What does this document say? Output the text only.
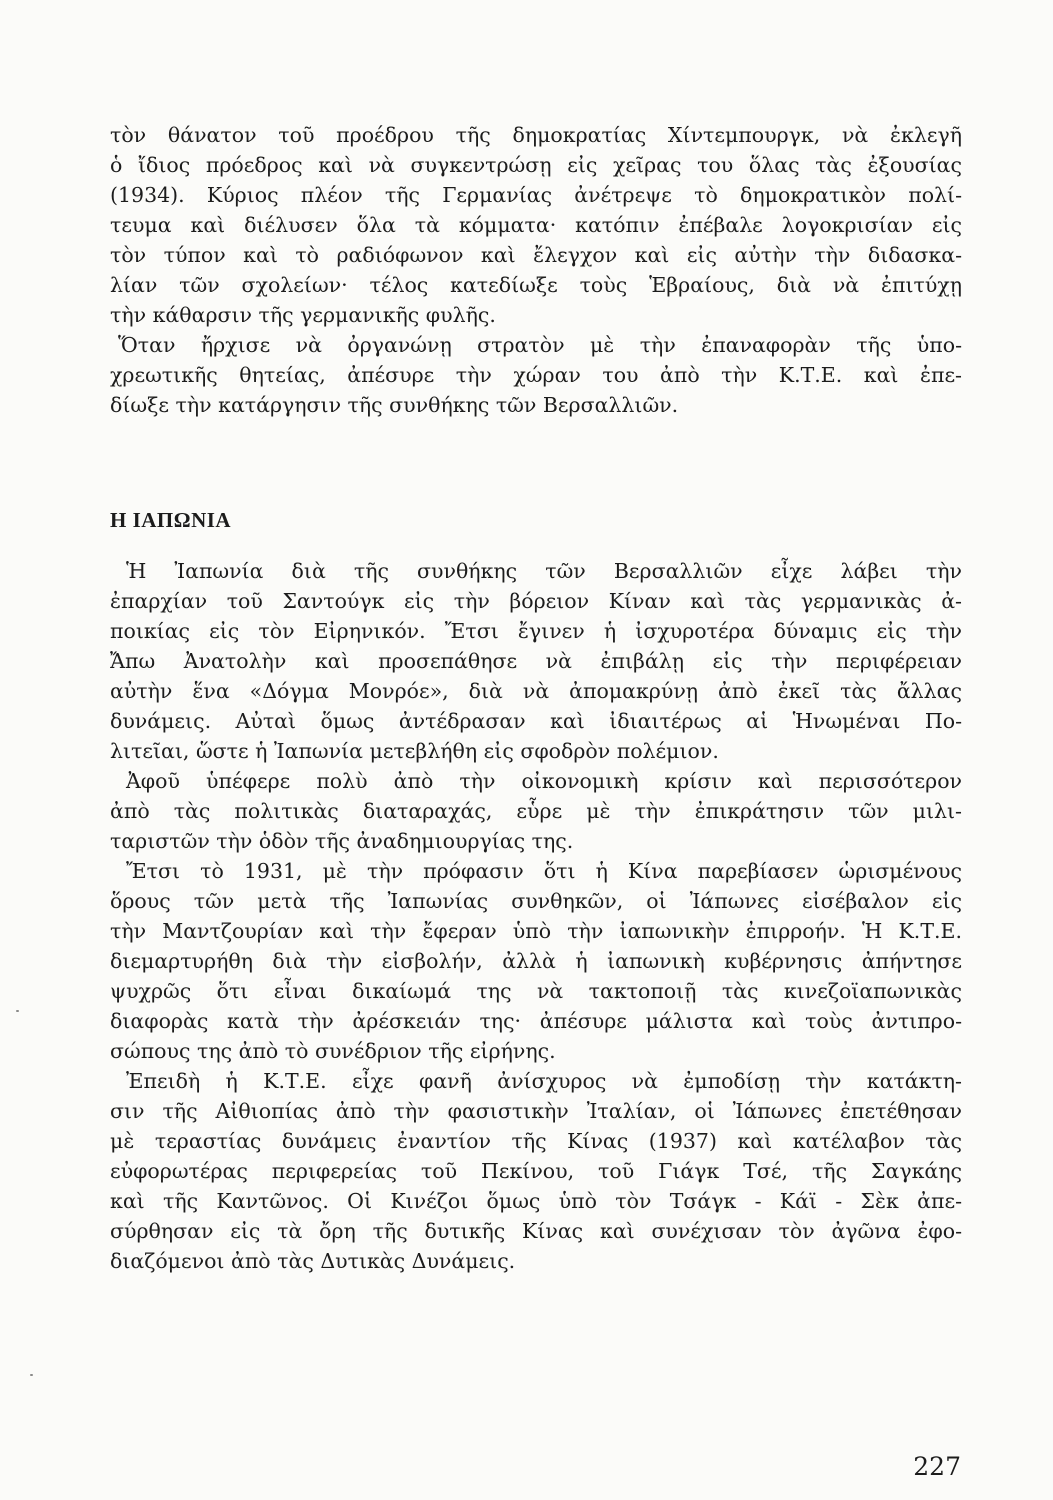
τὸν θάνατον τοῦ προέδρου τῆς δημοκρατίας Χίντεμπουργκ, νὰ ἐκλεγῆ
ὁ ἴδιος πρόεδρος καὶ νὰ συγκεντρώσῃ εἰς χεῖρας του ὅλας τὰς ἐξουσίας
(1934). Κύριος πλέον τῆς Γερμανίας ἀνέτρεψε τὸ δημοκρατικὸν πολί-
τευμα καὶ διέλυσεν ὅλα τὰ κόμματα· κατόπιν ἐπέβαλε λογοκρισίαν εἰς
τὸν τύπον καὶ τὸ ραδιόφωνον καὶ ἔλεγχον καὶ εἰς αὐτὴν τὴν διδασκα-
λίαν τῶν σχολείων· τέλος κατεδίωξε τοὺς Ἑβραίους, διὰ νὰ ἐπιτύχῃ
τὴν κάθαρσιν τῆς γερμανικῆς φυλῆς.
Ὅταν ἤρχισε νὰ ὀργανώνῃ στρατὸν μὲ τὴν ἐπαναφορὰν τῆς ὑπο-
χρεωτικῆς θητείας, ἀπέσυρε τὴν χώραν του ἀπὸ τὴν Κ.Τ.Ε. καὶ ἐπε-
δίωξε τὴν κατάργησιν τῆς συνθήκης τῶν Βερσαλλιῶν.
Η ΙΑΠΩΝΙΑ
Ἡ Ἰαπωνία διὰ τῆς συνθήκης τῶν Βερσαλλιῶν εἶχε λάβει τὴν
ἐπαρχίαν τοῦ Σαντούγκ εἰς τὴν βόρειον Κίναν καὶ τὰς γερμανικὰς ἀ-
ποικίας εἰς τὸν Εἰρηνικόν. Ἔτσι ἔγινεν ἡ ἰσχυροτέρα δύναμις εἰς τὴν
Ἄπω Ἀνατολὴν καὶ προσεπάθησε νὰ ἐπιβάλῃ εἰς τὴν περιφέρειαν
αὐτὴν ἕνα «Δόγμα Μονρόε», διὰ νὰ ἀπομακρύνῃ ἀπὸ ἐκεῖ τὰς ἄλλας
δυνάμεις. Αὐταὶ ὅμως ἀντέδρασαν καὶ ἰδιαιτέρως αἱ Ἡνωμέναι Πο-
λιτεῖαι, ὥστε ἡ Ἰαπωνία μετεβλήθη εἰς σφοδρὸν πολέμιον.
Ἀφοῦ ὑπέφερε πολὺ ἀπὸ τὴν οἰκονομικὴ κρίσιν καὶ περισσότερον
ἀπὸ τὰς πολιτικὰς διαταραχάς, εὗρε μὲ τὴν ἐπικράτησιν τῶν μιλι-
ταριστῶν τὴν ὁδὸν τῆς ἀναδημιουργίας της.
Ἔτσι τὸ 1931, μὲ τὴν πρόφασιν ὅτι ἡ Κίνα παρεβίασεν ὡρισμένους
ὅρους τῶν μετὰ τῆς Ἰαπωνίας συνθηκῶν, οἱ Ἰάπωνες εἰσέβαλον εἰς
τὴν Μαντζουρίαν καὶ τὴν ἔφεραν ὑπὸ τὴν ἰαπωνικὴν ἐπιρροήν. Ἡ Κ.Τ.Ε.
διεμαρτυρήθη διὰ τὴν εἰσβολήν, ἀλλὰ ἡ ἰαπωνικὴ κυβέρνησις ἀπήντησε
ψυχρῶς ὅτι εἶναι δικαίωμά της νὰ τακτοποιῇ τὰς κινεζοϊαπωνικὰς
διαφορὰς κατὰ τὴν ἀρέσκειάν της· ἀπέσυρε μάλιστα καὶ τοὺς ἀντιπρο-
σώπους της ἀπὸ τὸ συνέδριον τῆς εἰρήνης.
Ἐπειδὴ ἡ Κ.Τ.Ε. εἶχε φανῆ ἀνίσχυρος νὰ ἐμποδίσῃ τὴν κατάκτη-
σιν τῆς Αἰθιοπίας ἀπὸ τὴν φασιστικὴν Ἰταλίαν, οἱ Ἰάπωνες ἐπετέθησαν
μὲ τεραστίας δυνάμεις ἐναντίον τῆς Κίνας (1937) καὶ κατέλαβον τὰς
εὐφορωτέρας περιφερείας τοῦ Πεκίνου, τοῦ Γιάγκ Τσέ, τῆς Σαγκάης
καὶ τῆς Καντῶνος. Οἱ Κινέζοι ὅμως ὑπὸ τὸν Τσάγκ - Κάϊ - Σὲκ ἀπε-
σύρθησαν εἰς τὰ ὄρη τῆς δυτικῆς Κίνας καὶ συνέχισαν τὸν ἀγῶνα ἐφο-
διαζόμενοι ἀπὸ τὰς Δυτικὰς Δυνάμεις.
227
